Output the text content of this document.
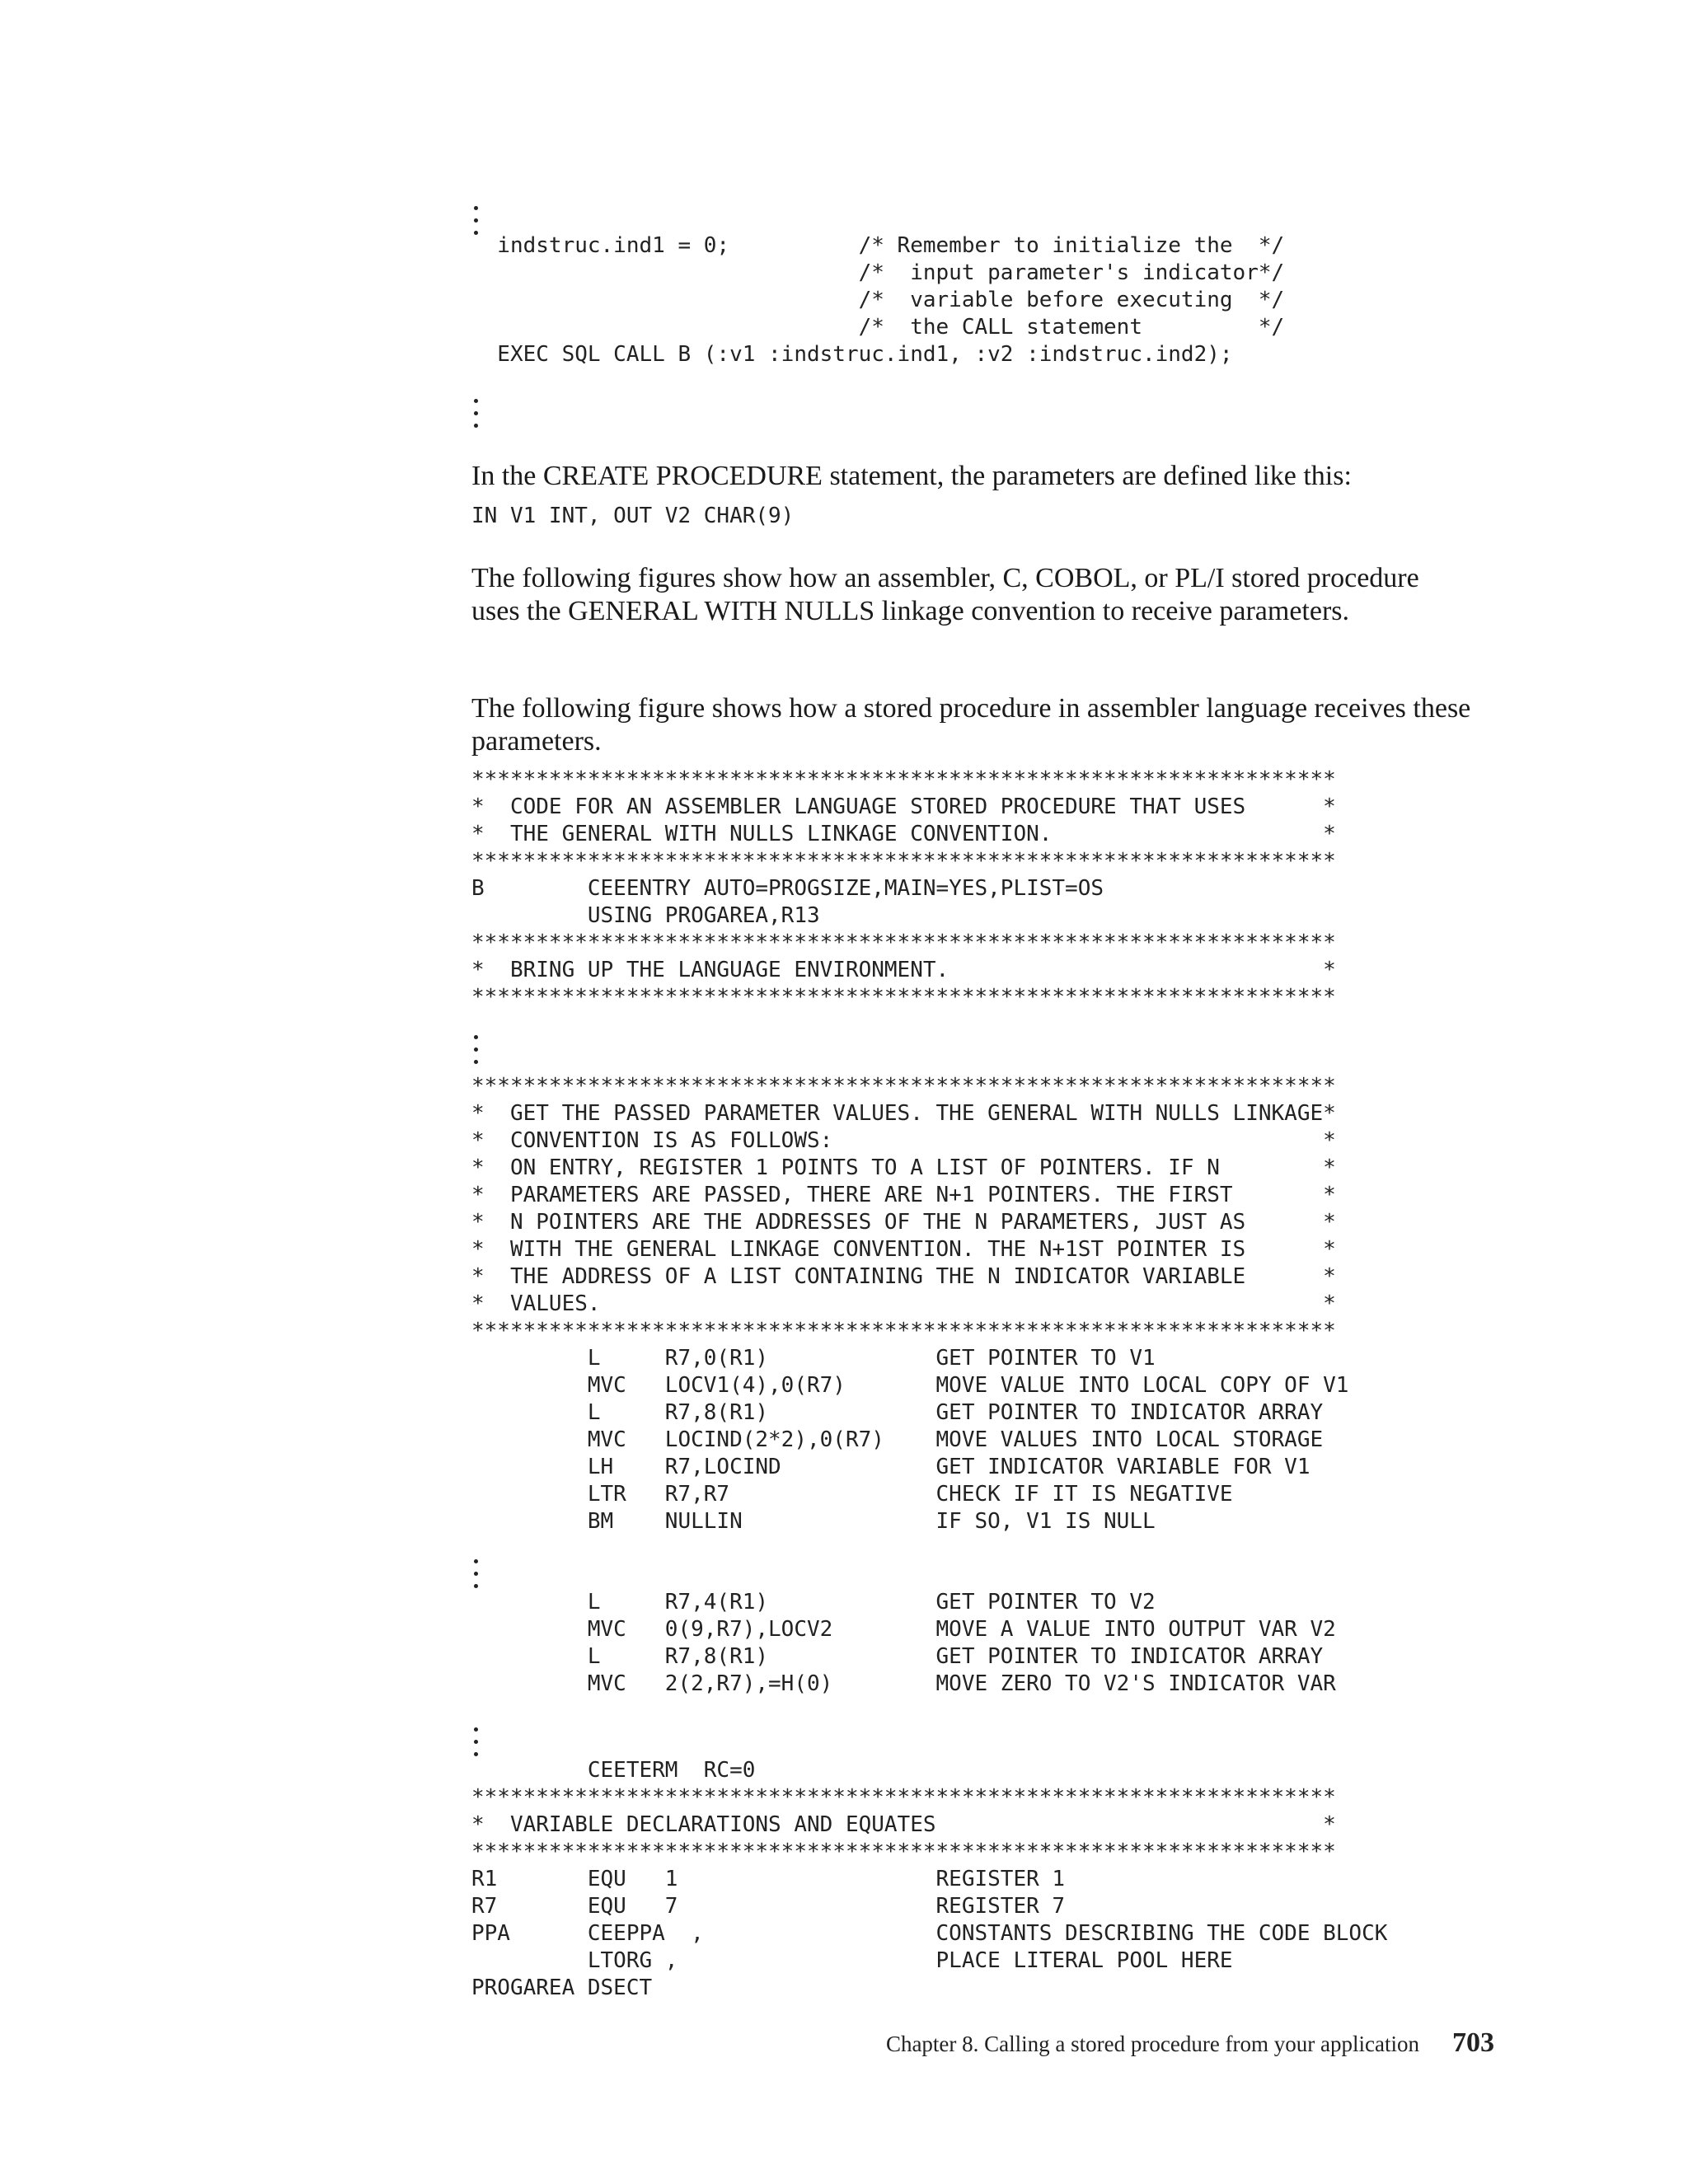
indstruc.ind1 = 0;          /* Remember to initialize the  */
/*  input parameter's indicator*/
/*  variable before executing  */
/*  the CALL statement         */
EXEC SQL CALL B (:v1 :indstruc.ind1, :v2 :indstruc.ind2);

In the CREATE PROCEDURE statement, the parameters are defined like this:

IN V1 INT, OUT V2 CHAR(9)

The following figures show how an assembler, C, COBOL, or PL/I stored procedure uses the GENERAL WITH NULLS linkage convention to receive parameters.

The following figure shows how a stored procedure in assembler language receives these parameters.

*******************************************************************
*  CODE FOR AN ASSEMBLER LANGUAGE STORED PROCEDURE THAT USES      *
*  THE GENERAL WITH NULLS LINKAGE CONVENTION.                     *
*******************************************************************
B        CEEENTRY AUTO=PROGSIZE,MAIN=YES,PLIST=OS
USING PROGAREA,R13
*******************************************************************
*  BRING UP THE LANGUAGE ENVIRONMENT.                             *
*******************************************************************
*******************************************************************
*  GET THE PASSED PARAMETER VALUES. THE GENERAL WITH NULLS LINKAGE*
*  CONVENTION IS AS FOLLOWS:                                      *
*  ON ENTRY, REGISTER 1 POINTS TO A LIST OF POINTERS. IF N        *
*  PARAMETERS ARE PASSED, THERE ARE N+1 POINTERS. THE FIRST       *
*  N POINTERS ARE THE ADDRESSES OF THE N PARAMETERS, JUST AS      *
*  WITH THE GENERAL LINKAGE CONVENTION. THE N+1ST POINTER IS      *
*  THE ADDRESS OF A LIST CONTAINING THE N INDICATOR VARIABLE      *
*  VALUES.                                                        *
*******************************************************************
L     R7,0(R1)             GET POINTER TO V1
MVC   LOCV1(4),0(R7)       MOVE VALUE INTO LOCAL COPY OF V1
L     R7,8(R1)             GET POINTER TO INDICATOR ARRAY
MVC   LOCIND(2*2),0(R7)    MOVE VALUES INTO LOCAL STORAGE
LH    R7,LOCIND            GET INDICATOR VARIABLE FOR V1
LTR   R7,R7                CHECK IF IT IS NEGATIVE
BM    NULLIN               IF SO, V1 IS NULL
L     R7,4(R1)             GET POINTER TO V2
MVC   0(9,R7),LOCV2        MOVE A VALUE INTO OUTPUT VAR V2
L     R7,8(R1)             GET POINTER TO INDICATOR ARRAY
MVC   2(2,R7),=H(0)        MOVE ZERO TO V2'S INDICATOR VAR
CEETERM  RC=0
*******************************************************************
*  VARIABLE DECLARATIONS AND EQUATES                              *
*******************************************************************
R1       EQU   1                    REGISTER 1
R7       EQU   7                    REGISTER 7
PPA      CEEPPA  ,                  CONSTANTS DESCRIBING THE CODE BLOCK
LTORG ,                    PLACE LITERAL POOL HERE
PROGAREA DSECT
Chapter 8. Calling a stored procedure from your application 703
